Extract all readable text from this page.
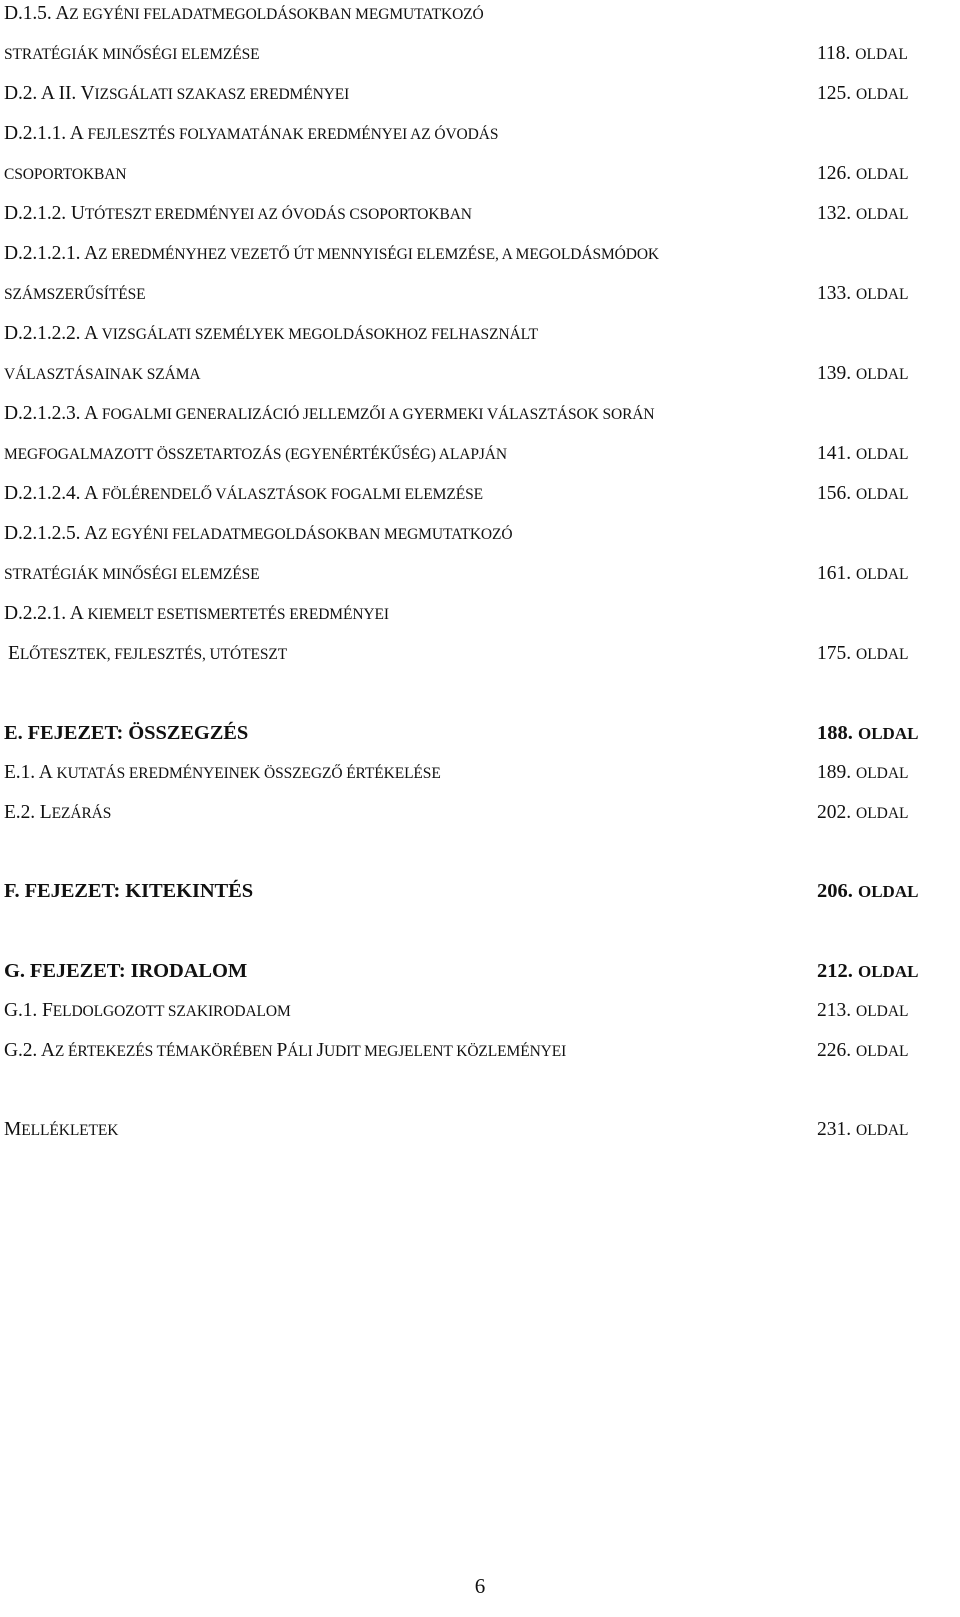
D.1.5. AZ EGYÉNI FELADATMEGOLDÁSOKBAN MEGMUTATKOZÓ
STRATÉGIÁK MINŐSÉGI ELEMZÉSE	118. OLDAL
D.2. A II. VIZSGÁLATI SZAKASZ EREDMÉNYEI	125. OLDAL
D.2.1.1. A FEJLESZTÉS FOLYAMATÁNAK EREDMÉNYEI AZ ÓVODÁS
CSOPORTOKBAN	126. OLDAL
D.2.1.2. UTÓTESZT EREDMÉNYEI AZ ÓVODÁS CSOPORTOKBAN	132. OLDAL
D.2.1.2.1. AZ EREDMÉNYHEZ VEZETŐ ÚT MENNYISÉGI ELEMZÉSE, A MEGOLDÁSMÓDOK
SZÁMSZERŰSÍTÉSE	133. OLDAL
D.2.1.2.2. A VIZSGÁLATI SZEMÉLYEK MEGOLDÁSOKHOZ FELHASZNÁLT
VÁLASZTÁSAINAK SZÁMA	139. OLDAL
D.2.1.2.3. A FOGALMI GENERALIZÁCIÓ JELLEMZŐI A GYERMEKI VÁLASZTÁSOK SORÁN
MEGFOGALMAZOTT ÖSSZETARTOZÁS (EGYENÉRTÉKŰSÉG) ALAPJÁN	141. OLDAL
D.2.1.2.4. A FÖLÉRENDELŐ VÁLASZTÁSOK FOGALMI ELEMZÉSE	156. OLDAL
D.2.1.2.5. AZ EGYÉNI FELADATMEGOLDÁSOKBAN MEGMUTATKOZÓ
STRATÉGIÁK MINŐSÉGI ELEMZÉSE	161. OLDAL
D.2.2.1. A KIEMELT ESETISMERTETÉS EREDMÉNYEI
ELŐTESZTEK, FEJLESZTÉS, UTÓTESZT	175. OLDAL
E. FEJEZET: ÖSSZEGZÉS	188. OLDAL
E.1. A KUTATÁS EREDMÉNYEINEK ÖSSZEGZŐ ÉRTÉKELÉSE	189. OLDAL
E.2. LEZÁRÁS	202. OLDAL
F. FEJEZET: KITEKINTÉS	206. OLDAL
G. FEJEZET: IRODALOM	212. OLDAL
G.1. FELDOLGOZOTT SZAKIRODALOM	213. OLDAL
G.2. AZ ÉRTEKEZÉS TÉMAKÖRÉBEN PÁLI JUDIT MEGJELENT KÖZLEMÉNYEI	226. OLDAL
MELLÉKLETEK	231. OLDAL
6
